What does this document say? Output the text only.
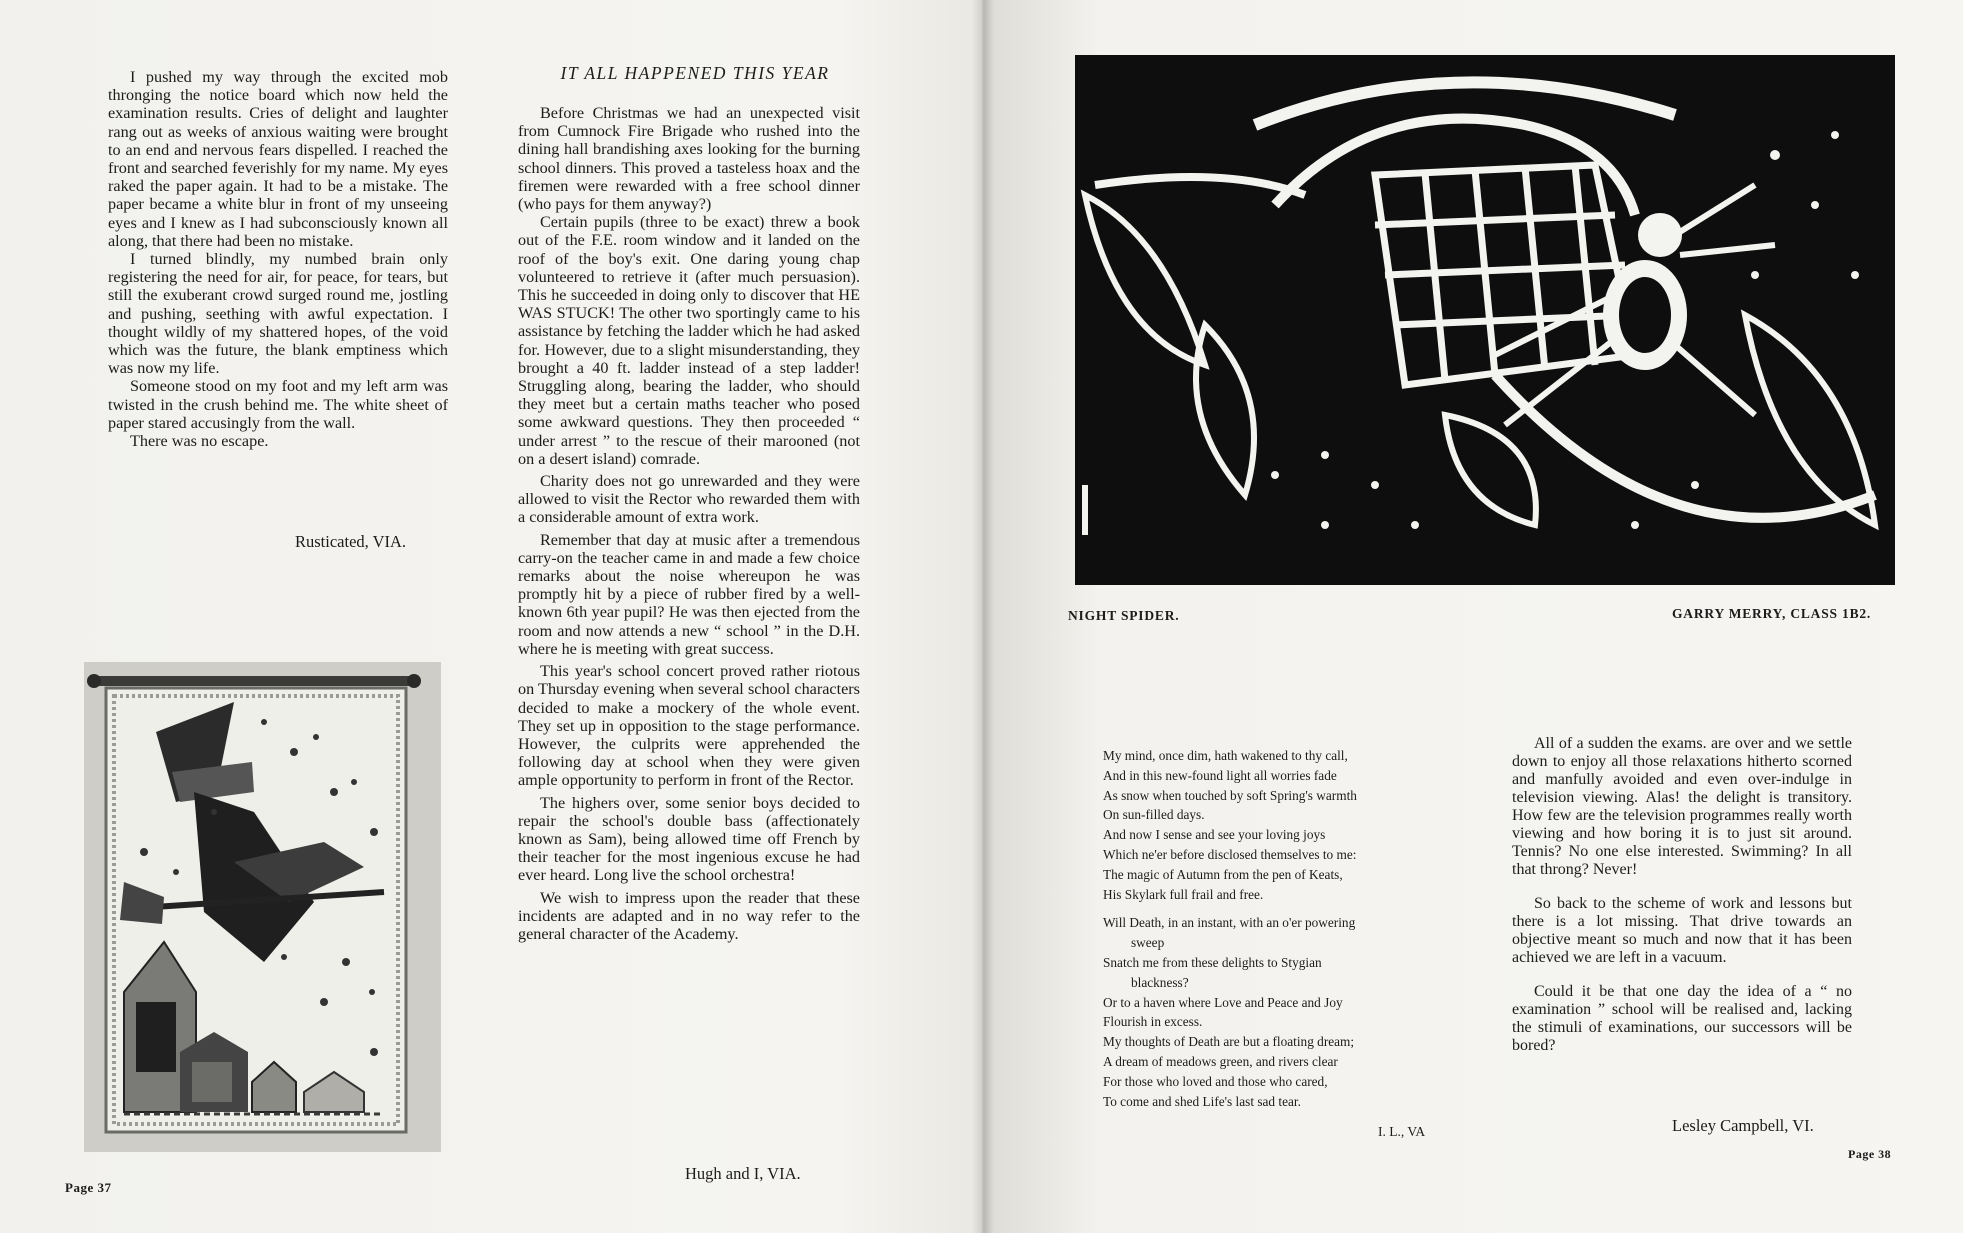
I pushed my way through the excited mob thronging the notice board which now held the examination results. Cries of delight and laughter rang out as weeks of anxious waiting were brought to an end and nervous fears dispelled. I reached the front and searched feverishly for my name. My eyes raked the paper again. It had to be a mistake. The paper became a white blur in front of my unseeing eyes and I knew as I had subconsciously known all along, that there had been no mistake.

I turned blindly, my numbed brain only registering the need for air, for peace, for tears, but still the exuberant crowd surged round me, jostling and pushing, seething with awful expectation. I thought wildly of my shattered hopes, of the void which was the future, the blank emptiness which was now my life.

Someone stood on my foot and my left arm was twisted in the crush behind me. The white sheet of paper stared accusingly from the wall.

There was no escape.

Rusticated, VIA.
Page 37
IT ALL HAPPENED THIS YEAR

Before Christmas we had an unexpected visit from Cumnock Fire Brigade who rushed into the dining hall brandishing axes looking for the burning school dinners. This proved a tasteless hoax and the firemen were rewarded with a free school dinner (who pays for them anyway?)

Certain pupils (three to be exact) threw a book out of the F.E. room window and it landed on the roof of the boy's exit. One daring young chap volunteered to retrieve it (after much persuasion). This he succeeded in doing only to discover that HE WAS STUCK! The other two sportingly came to his assistance by fetching the ladder which he had asked for. However, due to a slight misunderstanding, they brought a 40 ft. ladder instead of a step ladder! Struggling along, bearing the ladder, who should they meet but a certain maths teacher who posed some awkward questions. They then proceeded “ under arrest ” to the rescue of their marooned (not on a desert island) comrade.

Charity does not go unrewarded and they were allowed to visit the Rector who rewarded them with a considerable amount of extra work.

Remember that day at music after a tremendous carry-on the teacher came in and made a few choice remarks about the noise whereupon he was promptly hit by a piece of rubber fired by a well-known 6th year pupil? He was then ejected from the room and now attends a new “ school ” in the D.H. where he is meeting with great success.

This year's school concert proved rather riotous on Thursday evening when several school characters decided to make a mockery of the whole event. They set up in opposition to the stage performance. However, the culprits were apprehended the following day at school when they were given ample opportunity to perform in front of the Rector.

The highers over, some senior boys decided to repair the school's double bass (affectionately known as Sam), being allowed time off French by their teacher for the most ingenious excuse he had ever heard. Long live the school orchestra!

We wish to impress upon the reader that these incidents are adapted and in no way refer to the general character of the Academy.

Hugh and I, VIA.
NIGHT SPIDER.	GARRY MERRY, CLASS 1B2.
My mind, once dim, hath wakened to thy call,
And in this new-found light all worries fade
As snow when touched by soft Spring's warmth
On sun-filled days.
And now I sense and see your loving joys
Which ne'er before disclosed themselves to me:
The magic of Autumn from the pen of Keats,
His Skylark full frail and free.
Will Death, in an instant, with an o'er powering
sweep
Snatch me from these delights to Stygian
blackness?
Or to a haven where Love and Peace and Joy
Flourish in excess.
My thoughts of Death are but a floating dream;
A dream of meadows green, and rivers clear
For those who loved and those who cared,
To come and shed Life's last sad tear.
I. L., VA

All of a sudden the exams. are over and we settle down to enjoy all those relaxations hitherto scorned and manfully avoided and even over-indulge in television viewing. Alas! the delight is transitory. How few are the television programmes really worth viewing and how boring it is to just sit around. Tennis? No one else interested. Swimming? In all that throng? Never!

So back to the scheme of work and lessons but there is a lot missing. That drive towards an objective meant so much and now that it has been achieved we are left in a vacuum.

Could it be that one day the idea of a “ no examination ” school will be realised and, lacking the stimuli of examinations, our successors will be bored?

Lesley Campbell, VI.
Page 38
